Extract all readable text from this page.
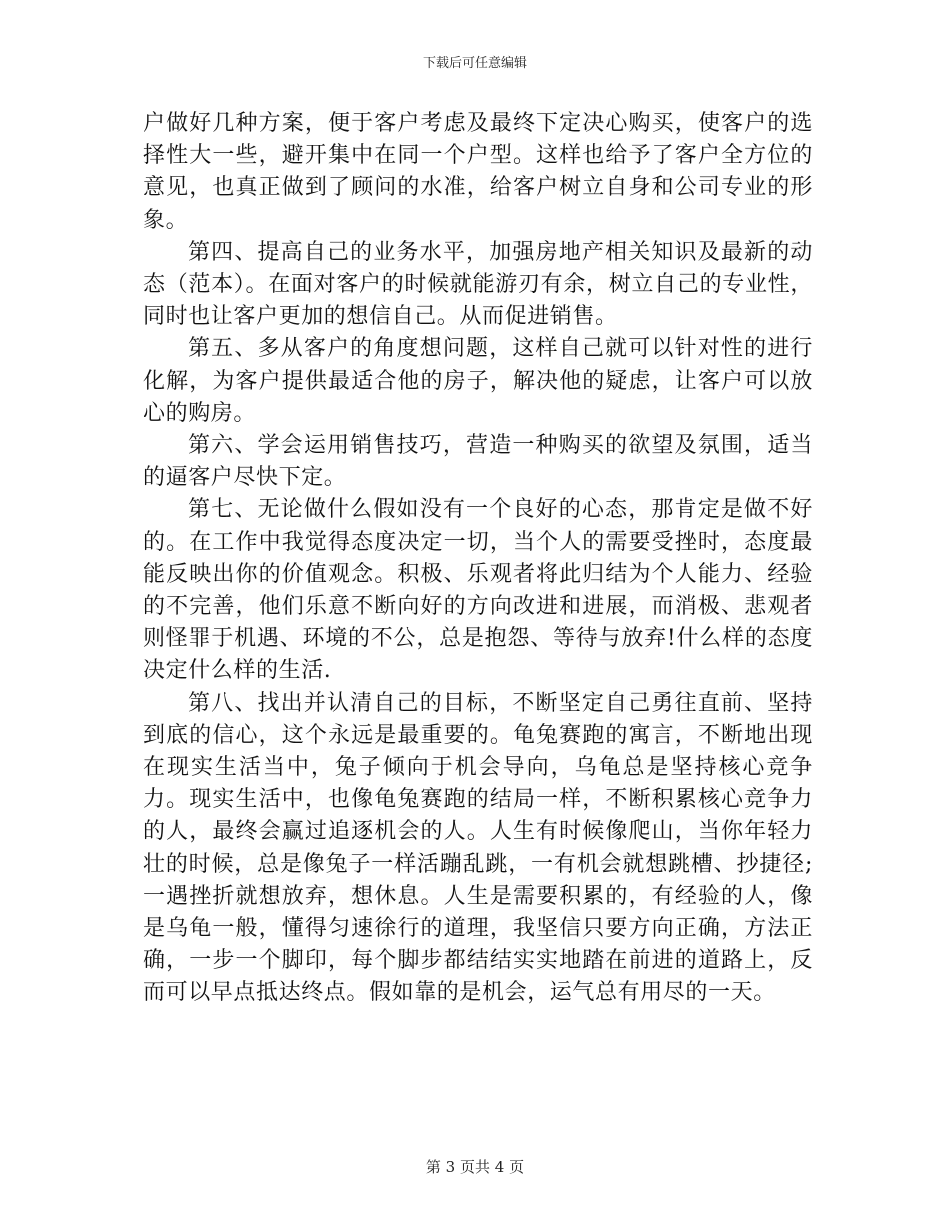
下载后可任意编辑

户做好几种方案，便于客户考虑及最终下定决心购买，使客户的选择性大一些，避开集中在同一个户型。这样也给予了客户全方位的意见，也真正做到了顾问的水准，给客户树立自身和公司专业的形象。

第四、提高自己的业务水平，加强房地产相关知识及最新的动态（范本）。在面对客户的时候就能游刃有余，树立自己的专业性，同时也让客户更加的想信自己。从而促进销售。

第五、多从客户的角度想问题，这样自己就可以针对性的进行化解，为客户提供最适合他的房子，解决他的疑虑，让客户可以放心的购房。

第六、学会运用销售技巧，营造一种购买的欲望及氛围，适当的逼客户尽快下定。

第七、无论做什么假如没有一个良好的心态，那肯定是做不好的。在工作中我觉得态度决定一切，当个人的需要受挫时，态度最能反映出你的价值观念。积极、乐观者将此归结为个人能力、经验的不完善，他们乐意不断向好的方向改进和进展，而消极、悲观者则怪罪于机遇、环境的不公，总是抱怨、等待与放弃!什么样的态度决定什么样的生活.

第八、找出并认清自己的目标，不断坚定自己勇往直前、坚持到底的信心，这个永远是最重要的。龟兔赛跑的寓言，不断地出现在现实生活当中，兔子倾向于机会导向，乌龟总是坚持核心竞争力。现实生活中，也像龟兔赛跑的结局一样，不断积累核心竞争力的人，最终会赢过追逐机会的人。人生有时候像爬山，当你年轻力壮的时候，总是像兔子一样活蹦乱跳，一有机会就想跳槽、抄捷径;一遇挫折就想放弃，想休息。人生是需要积累的，有经验的人，像是乌龟一般，懂得匀速徐行的道理，我坚信只要方向正确，方法正确，一步一个脚印，每个脚步都结结实实地踏在前进的道路上，反而可以早点抵达终点。假如靠的是机会，运气总有用尽的一天。

第 3 页共 4 页
